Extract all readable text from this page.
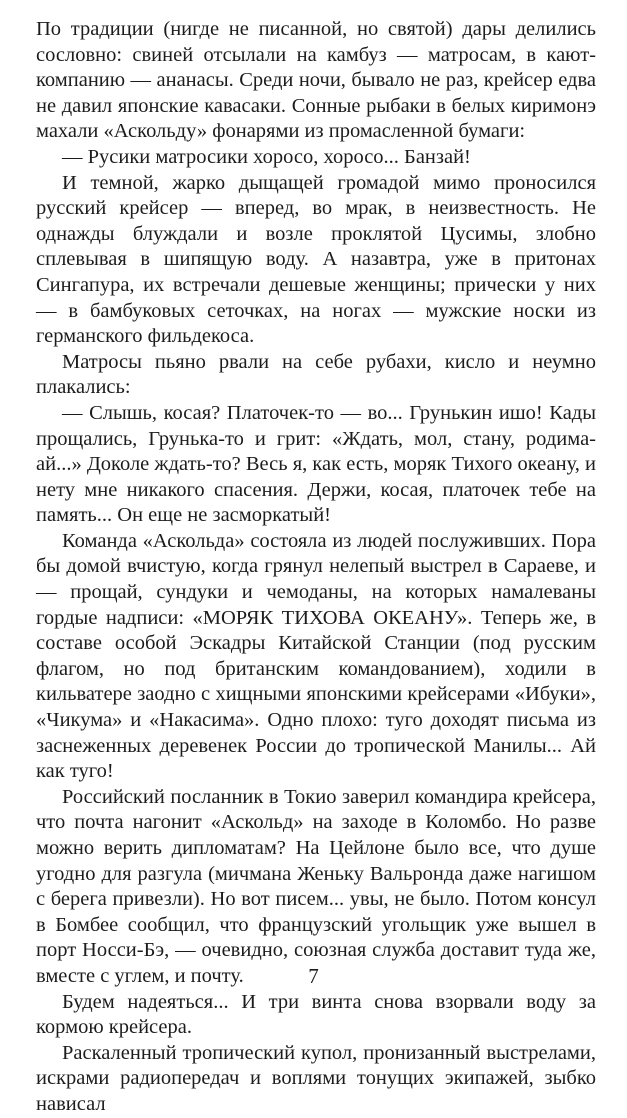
По традиции (нигде не писанной, но святой) дары делились сословно: свиней отсылали на камбуз — матросам, в кают-компанию — ананасы. Среди ночи, бывало не раз, крейсер едва не давил японские кавасаки. Сонные рыбаки в белых киримонэ махали «Аскольду» фонарями из промасленной бумаги:

— Русики матросики хоросо, хоросо... Банзай!

И темной, жарко дыщащей громадой мимо проносился русский крейсер — вперед, во мрак, в неизвестность. Не однажды блуждали и возле проклятой Цусимы, злобно сплевывая в шипящую воду. А назавтра, уже в притонах Сингапура, их встречали дешевые женщины; прически у них — в бамбуковых сеточках, на ногах — мужские носки из германского фильдекоса.

Матросы пьяно рвали на себе рубахи, кисло и неумно плакались:

— Слышь, косая? Платочек-то — во... Грунькин ишо! Кады прощались, Грунька-то и грит: «Ждать, мол, стану, родима-ай...» Доколе ждать-то? Весь я, как есть, моряк Тихого океану, и нету мне никакого спасения. Держи, косая, платочек тебе на память... Он еще не засморкатый!

Команда «Аскольда» состояла из людей послуживших. Пора бы домой вчистую, когда грянул нелепый выстрел в Сараеве, и — прощай, сундуки и чемоданы, на которых намалеваны гордые надписи: «МОРЯК ТИХОВА ОКЕАНУ». Теперь же, в составе особой Эскадры Китайской Станции (под русским флагом, но под британским командованием), ходили в кильватере заодно с хищными японскими крейсерами «Ибуки», «Чикума» и «Накасима». Одно плохо: туго доходят письма из заснеженных деревенек России до тропической Манилы... Ай как туго!

Российский посланник в Токио заверил командира крейсера, что почта нагонит «Аскольд» на заходе в Коломбо. Но разве можно верить дипломатам? На Цейлоне было все, что душе угодно для разгула (мичмана Женьку Вальронда даже нагишом с берега привезли). Но вот писем... увы, не было. Потом консул в Бомбее сообщил, что французский угольщик уже вышел в порт Носси-Бэ, — очевидно, союзная служба доставит туда же, вместе с углем, и почту.

Будем надеяться... И три винта снова взорвали воду за кормою крейсера.

Раскаленный тропический купол, пронизанный выстрелами, искрами радиопередач и воплями тонущих экипажей, зыбко нависал

7
